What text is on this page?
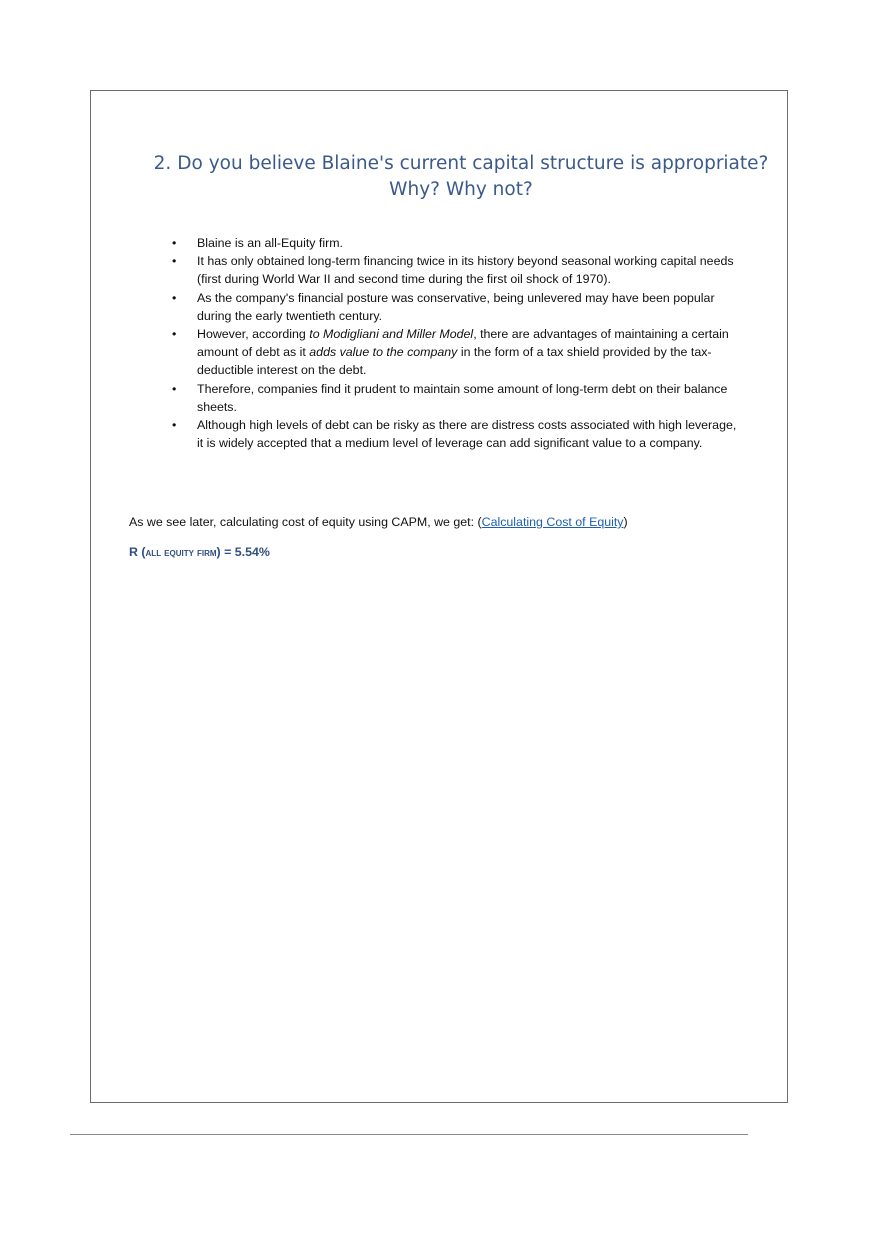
2. Do you believe Blaine's current capital structure is appropriate? Why? Why not?
•	Blaine is an all-Equity firm.
•	It has only obtained long-term financing twice in its history beyond seasonal working capital needs (first during World War II and second time during the first oil shock of 1970).
•	As the company's financial posture was conservative, being unlevered may have been popular during the early twentieth century.
•	However, according to Modigliani and Miller Model, there are advantages of maintaining a certain amount of debt as it adds value to the company in the form of a tax shield provided by the tax-deductible interest on the debt.
•	Therefore, companies find it prudent to maintain some amount of long-term debt on their balance sheets.
•	Although high levels of debt can be risky as there are distress costs associated with high leverage, it is widely accepted that a medium level of leverage can add significant value to a company.

As we see later, calculating cost of equity using CAPM, we get: (Calculating Cost of Equity)

R (all equity firm) = 5.54%
